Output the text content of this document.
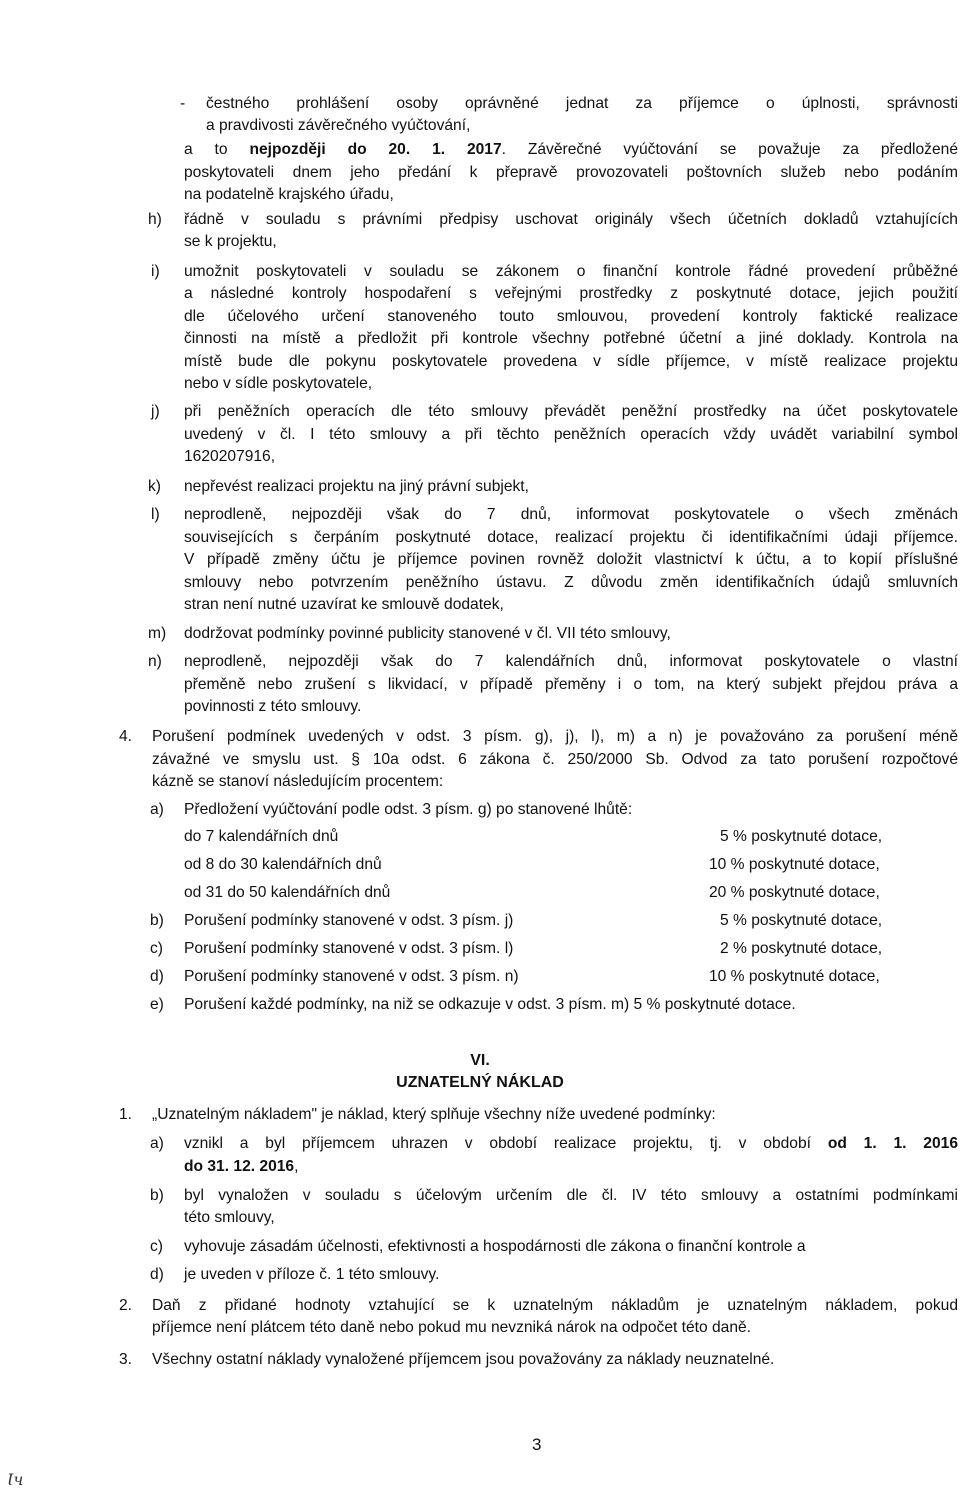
- čestného prohlášení osoby oprávněné jednat za příjemce o úplnosti, správnosti
a pravdivosti závěrečného vyúčtování,
a to nejpozději do 20. 1. 2017. Závěrečné vyúčtování se považuje za předložené
poskytovateli dnem jeho předání k přepravě provozovateli poštovních služeb nebo podáním
na podatelně krajského úřadu,
h) řádně v souladu s právními předpisy uschovat originály všech účetních dokladů vztahujících
se k projektu,
i) umožnit poskytovateli v souladu se zákonem o finanční kontrole řádné provedení průběžné
a následné kontroly hospodaření s veřejnými prostředky z poskytnuté dotace, jejich použití
dle účelového určení stanoveného touto smlouvou, provedení kontroly faktické realizace
činnosti na místě a předložit při kontrole všechny potřebné účetní a jiné doklady. Kontrola na
místě bude dle pokynu poskytovatele provedena v sídle příjemce, v místě realizace projektu
nebo v sídle poskytovatele,
j) při peněžních operacích dle této smlouvy převádět peněžní prostředky na účet poskytovatele
uvedený v čl. I této smlouvy a při těchto peněžních operacích vždy uvádět variabilní symbol
1620207916,
k) nepřevést realizaci projektu na jiný právní subjekt,
l) neprodleně, nejpozději však do 7 dnů, informovat poskytovatele o všech změnách
souvisejících s čerpáním poskytnuté dotace, realizací projektu či identifikačními údaji příjemce.
V případě změny účtu je příjemce povinen rovněž doložit vlastnictví k účtu, a to kopií příslušné
smlouvy nebo potvrzením peněžního ústavu. Z důvodu změn identifikačních údajů smluvních
stran není nutné uzavírat ke smlouvě dodatek,
m) dodržovat podmínky povinné publicity stanovené v čl. VII této smlouvy,
n) neprodleně, nejpozději však do 7 kalendářních dnů, informovat poskytovatele o vlastní
přeměně nebo zrušení s likvidací, v případě přeměny i o tom, na který subjekt přejdou práva a
povinnosti z této smlouvy.
4. Porušení podmínek uvedených v odst. 3 písm. g), j), l), m) a n) je považováno za porušení méně
závažné ve smyslu ust. § 10a odst. 6 zákona č. 250/2000 Sb. Odvod za tato porušení rozpočtové
kázně se stanoví následujícím procentem:
a) Předložení vyúčtování podle odst. 3 písm. g) po stanovené lhůtě:
do 7 kalendářních dnů	5 % poskytnuté dotace,
od 8 do 30 kalendářních dnů	10 % poskytnuté dotace,
od 31 do 50 kalendářních dnů	20 % poskytnuté dotace,
b) Porušení podmínky stanovené v odst. 3 písm. j)	5 % poskytnuté dotace,
c) Porušení podmínky stanovené v odst. 3 písm. l)	2 % poskytnuté dotace,
d) Porušení podmínky stanovené v odst. 3 písm. n)	10 % poskytnuté dotace,
e) Porušení každé podmínky, na niž se odkazuje v odst. 3 písm. m) 5 % poskytnuté dotace.
VI.
UZNATELNÝ NÁKLAD
1. „Uznatelným nákladem" je náklad, který splňuje všechny níže uvedené podmínky:
a) vznikl a byl příjemcem uhrazen v období realizace projektu, tj. v období od 1. 1. 2016
do 31. 12. 2016,
b) byl vynaložen v souladu s účelovým určením dle čl. IV této smlouvy a ostatními podmínkami
této smlouvy,
c) vyhovuje zásadám účelnosti, efektivnosti a hospodárnosti dle zákona o finanční kontrole a
d) je uveden v příloze č. 1 této smlouvy.
2. Daň z přidané hodnoty vztahující se k uznatelným nákladům je uznatelným nákladem, pokud
příjemce není plátcem této daně nebo pokud mu nevzniká nárok na odpočet této daně.
3. Všechny ostatní náklady vynaložené příjemcem jsou považovány za náklady neuznatelné.
3
Ɩч
